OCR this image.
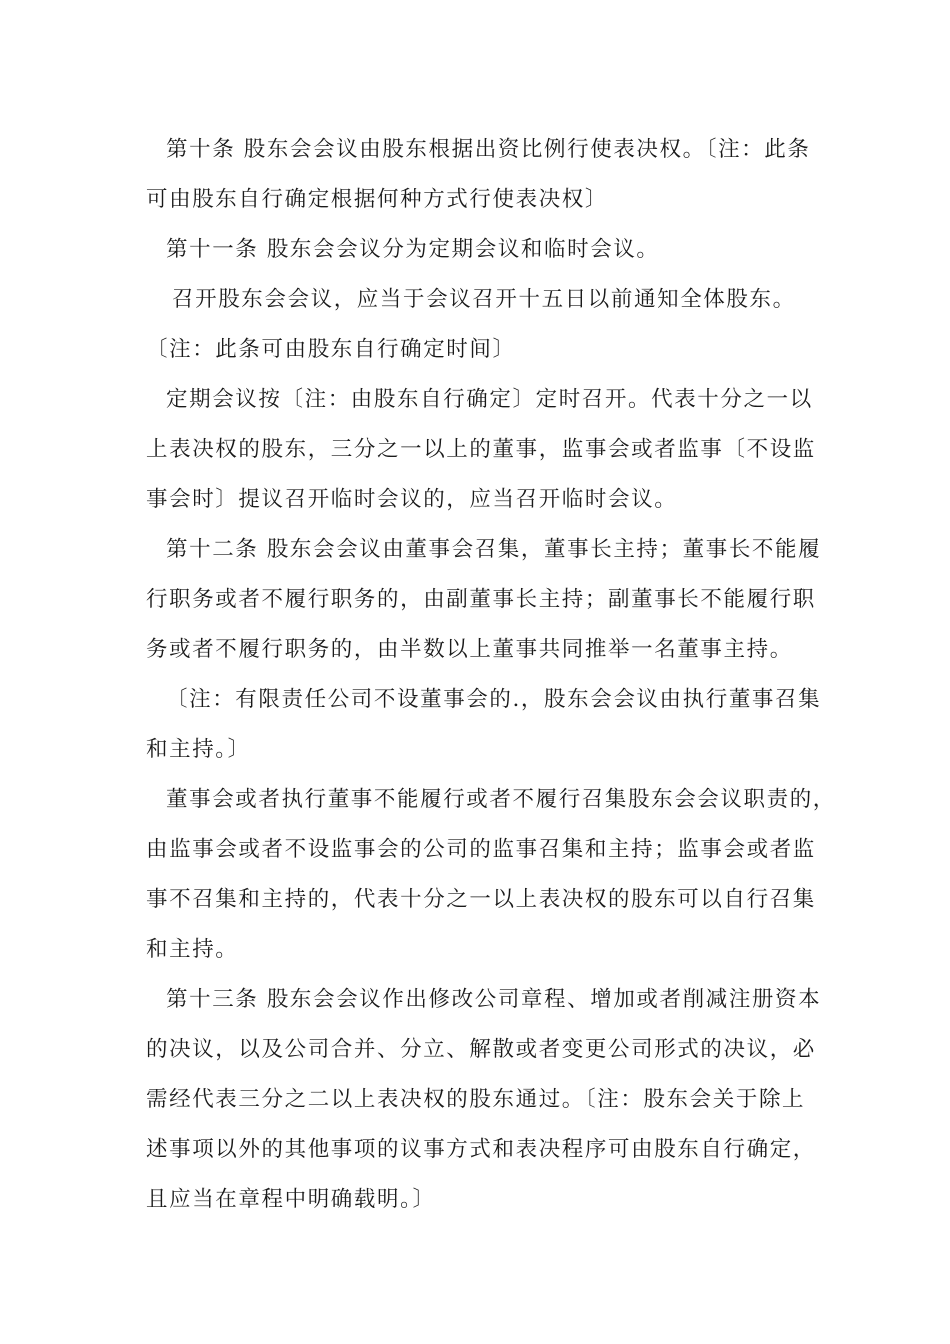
第十条 股东会会议由股东根据出资比例行使表决权。〔注：此条
可由股东自行确定根据何种方式行使表决权〕
第十一条 股东会会议分为定期会议和临时会议。
召开股东会会议，应当于会议召开十五日以前通知全体股东。
〔注：此条可由股东自行确定时间〕
定期会议按〔注：由股东自行确定〕定时召开。代表十分之一以
上表决权的股东，三分之一以上的董事，监事会或者监事〔不设监
事会时〕提议召开临时会议的，应当召开临时会议。
第十二条 股东会会议由董事会召集，董事长主持；董事长不能履
行职务或者不履行职务的，由副董事长主持；副董事长不能履行职
务或者不履行职务的，由半数以上董事共同推举一名董事主持。
〔注：有限责任公司不设董事会的.，股东会会议由执行董事召集
和主持。〕
董事会或者执行董事不能履行或者不履行召集股东会会议职责的，
由监事会或者不设监事会的公司的监事召集和主持；监事会或者监
事不召集和主持的，代表十分之一以上表决权的股东可以自行召集
和主持。
第十三条 股东会会议作出修改公司章程、增加或者削减注册资本
的决议，以及公司合并、分立、解散或者变更公司形式的决议，必
需经代表三分之二以上表决权的股东通过。〔注：股东会关于除上
述事项以外的其他事项的议事方式和表决程序可由股东自行确定，
且应当在章程中明确载明。〕
